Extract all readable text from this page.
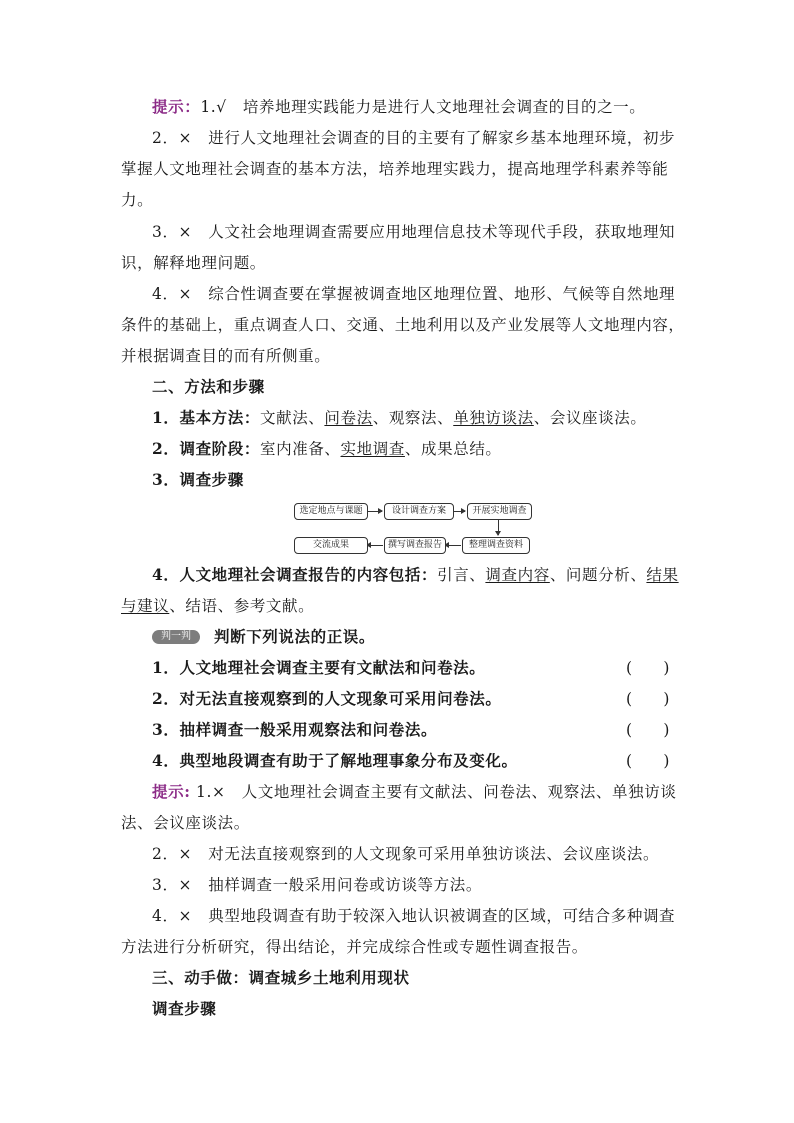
提示：1.√　培养地理实践能力是进行人文地理社会调查的目的之一。
2．×　进行人文地理社会调查的目的主要有了解家乡基本地理环境，初步
掌握人文地理社会调查的基本方法，培养地理实践力，提高地理学科素养等能
力。
3．×　人文社会地理调查需要应用地理信息技术等现代手段，获取地理知
识，解释地理问题。
4．×　综合性调查要在掌握被调查地区地理位置、地形、气候等自然地理
条件的基础上，重点调查人口、交通、土地利用以及产业发展等人文地理内容，
并根据调查目的而有所侧重。
二、方法和步骤
1．基本方法：文献法、问卷法、观察法、单独访谈法、会议座谈法。
2．调查阶段：室内准备、实地调查、成果总结。
3．调查步骤
选定地点与课题	设计调查方案	开展实地调查
整理调查资料
撰写调查报告
交流成果
4．人文地理社会调查报告的内容包括：引言、调查内容、问题分析、结果
与建议、结语、参考文献。
判一判 判断下列说法的正误。
1．人文地理社会调查主要有文献法和问卷法。	( )
2．对无法直接观察到的人文现象可采用问卷法。	( )
3．抽样调查一般采用观察法和问卷法。	( )
4．典型地段调查有助于了解地理事象分布及变化。	( )
提示: 1.×　人文地理社会调查主要有文献法、问卷法、观察法、单独访谈
法、会议座谈法。
2．×　对无法直接观察到的人文现象可采用单独访谈法、会议座谈法。
3．×　抽样调查一般采用问卷或访谈等方法。
4．×　典型地段调查有助于较深入地认识被调查的区域，可结合多种调查
方法进行分析研究，得出结论，并完成综合性或专题性调查报告。
三、动手做：调查城乡土地利用现状
调查步骤
